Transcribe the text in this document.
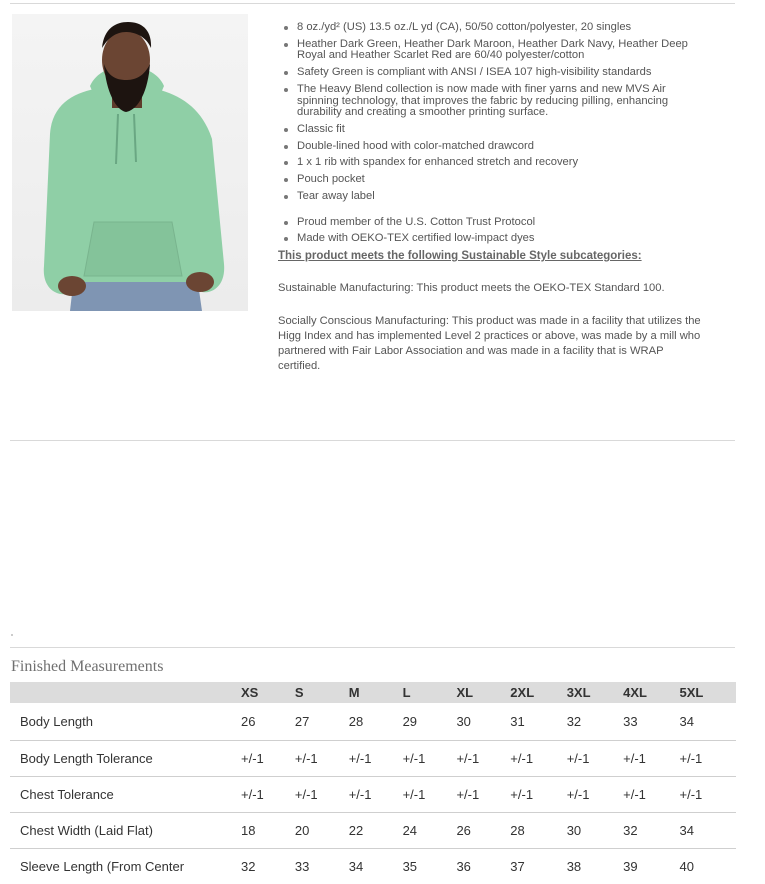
8 oz./yd² (US) 13.5 oz./L yd (CA), 50/50 cotton/polyester, 20 singles
Heather Dark Green, Heather Dark Maroon, Heather Dark Navy, Heather Deep Royal and Heather Scarlet Red are 60/40 polyester/cotton
Safety Green is compliant with ANSI / ISEA 107 high-visibility standards
The Heavy Blend collection is now made with finer yarns and new MVS Air spinning technology, that improves the fabric by reducing pilling, enhancing durability and creating a smoother printing surface.
Classic fit
Double-lined hood with color-matched drawcord
1 x 1 rib with spandex for enhanced stretch and recovery
Pouch pocket
Tear away label
Proud member of the U.S. Cotton Trust Protocol
Made with OEKO-TEX certified low-impact dyes
This product meets the following Sustainable Style subcategories:
Sustainable Manufacturing: This product meets the OEKO-TEX Standard 100.
Socially Conscious Manufacturing: This product was made in a facility that utilizes the Higg Index and has implemented Level 2 practices or above, was made by a mill who partnered with Fair Labor Association and was made in a facility that is WRAP certified.
Finished Measurements
	XS	S	M	L	XL	2XL	3XL	4XL	5XL
Body Length	26	27	28	29	30	31	32	33	34
Body Length Tolerance	+/-1	+/-1	+/-1	+/-1	+/-1	+/-1	+/-1	+/-1	+/-1
Chest Tolerance	+/-1	+/-1	+/-1	+/-1	+/-1	+/-1	+/-1	+/-1	+/-1
Chest Width (Laid Flat)	18	20	22	24	26	28	30	32	34
Sleeve Length (From Center	32	33	34	35	36	37	38	39	40
